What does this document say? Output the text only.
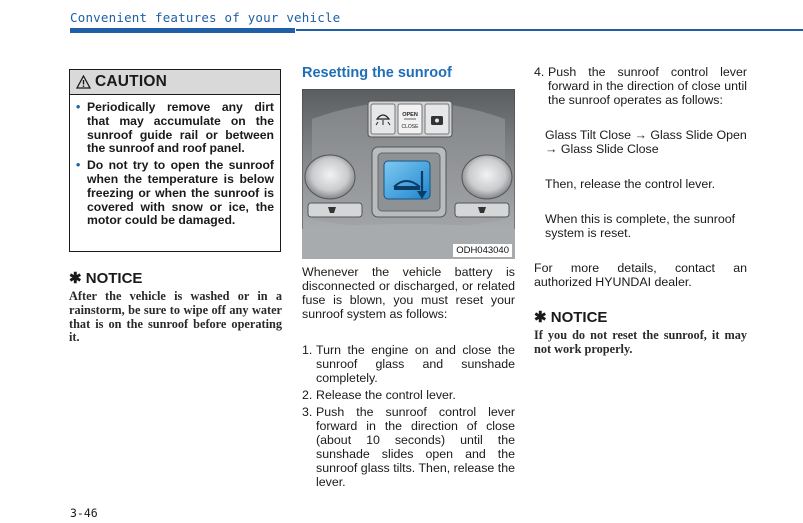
Convenient features of your vehicle
CAUTION
• Periodically remove any dirt that may accumulate on the sunroof guide rail or between the sunroof and roof panel.
• Do not try to open the sunroof when the temperature is below freezing or when the sunroof is covered with snow or ice, the motor could be damaged.
✱ NOTICE
After the vehicle is washed or in a rainstorm, be sure to wipe off any water that is on the sunroof before operating it.
Resetting the sunroof
OPEN
CLOSE
ODH043040
Whenever the vehicle battery is disconnected or discharged, or related fuse is blown, you must reset your sunroof system as follows:
1. Turn the engine on and close the sunroof glass and sunshade completely.
2. Release the control lever.
3. Push the sunroof control lever forward in the direction of close (about 10 seconds) until the sunshade slides open and the sunroof glass tilts. Then, release the lever.
4. Push the sunroof control lever forward in the direction of close until the sunroof operates as follows:
Glass Tilt Close → Glass Slide Open → Glass Slide Close
Then, release the control lever.
When this is complete, the sunroof system is reset.
For more details, contact an authorized HYUNDAI dealer.
✱ NOTICE
If you do not reset the sunroof, it may not work properly.
3-46
